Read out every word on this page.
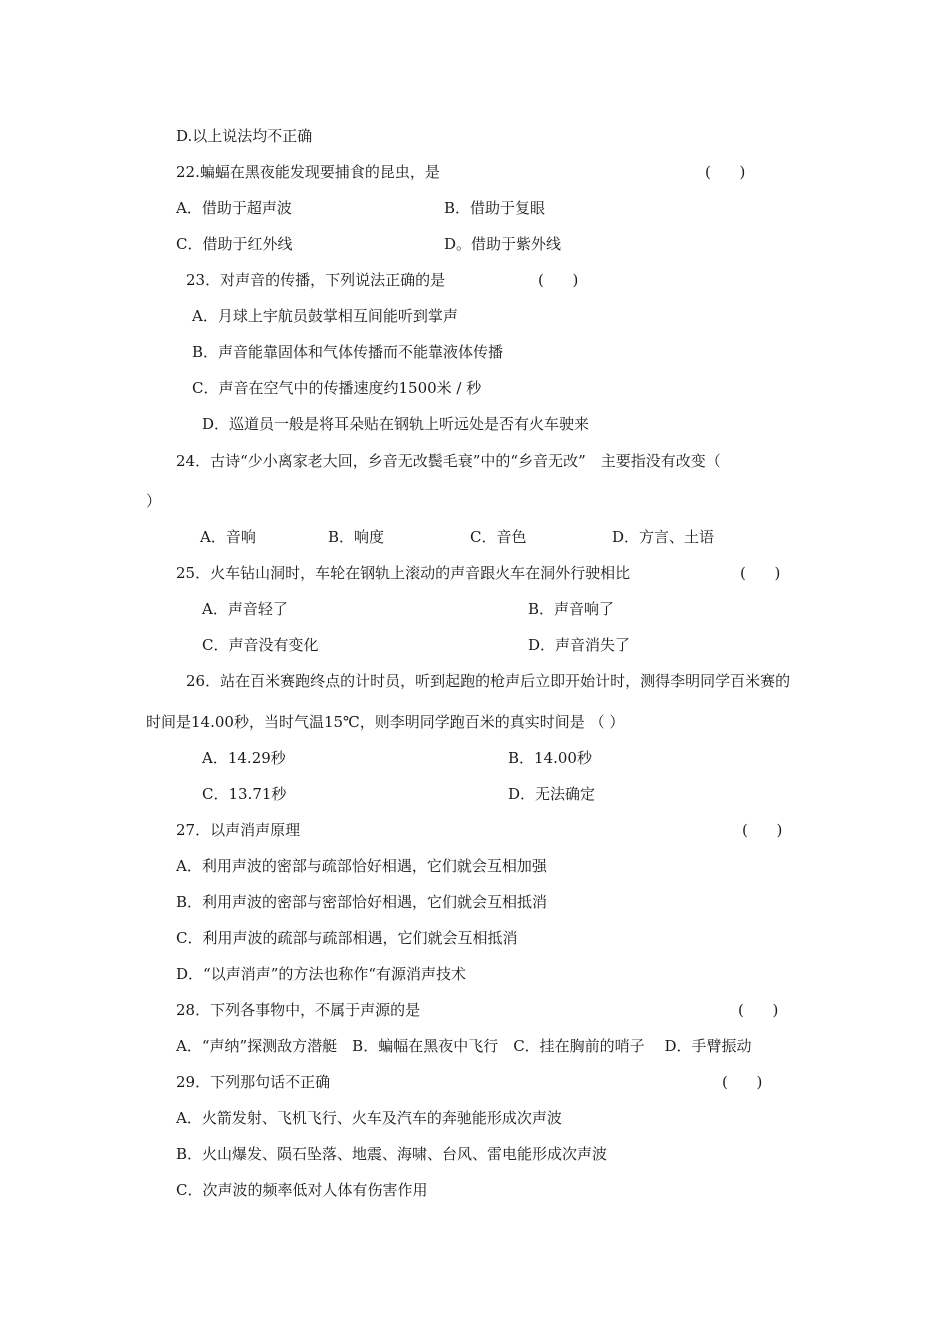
D.以上说法均不正确
22.蝙蝠在黑夜能发现要捕食的昆虫，是	(      )
A．借助于超声波	B．借助于复眼
C．借助于红外线	D。借助于紫外线
23．对声音的传播，下列说法正确的是	(      )
A．月球上宇航员鼓掌相互间能听到掌声
B．声音能靠固体和气体传播而不能靠液体传播
C．声音在空气中的传播速度约1500米 / 秒
D．巡道员一般是将耳朵贴在钢轨上听远处是否有火车驶来
24．古诗“少小离家老大回，乡音无改鬓毛衰”中的“乡音无改”　主要指没有改变（
）
A．音响	B．响度	C．音色	D．方言、土语
25．火车钻山洞时，车轮在钢轨上滚动的声音跟火车在洞外行驶相比	(      )
A．声音轻了	B．声音响了
C．声音没有变化	D．声音消失了
26．站在百米赛跑终点的计时员，听到起跑的枪声后立即开始计时，测得李明同学百米赛的
时间是14.00秒，当时气温15℃，则李明同学跑百米的真实时间是 （ ）
A．14.29秒	B．14.00秒
C．13.71秒	D．无法确定
27．以声消声原理	(      )
A．利用声波的密部与疏部恰好相遇，它们就会互相加强
B．利用声波的密部与密部恰好相遇，它们就会互相抵消
C．利用声波的疏部与疏部相遇，它们就会互相抵消
D．“以声消声”的方法也称作“有源消声技术
28．下列各事物中，不属于声源的是	(      )
A．“声纳”探测敌方潜艇　B．蝙幅在黑夜中飞行　C．挂在胸前的哨子　 D．手臂振动
29．下列那句话不正确	(      )
A．火箭发射、飞机飞行、火车及汽车的奔驰能形成次声波
B．火山爆发、陨石坠落、地震、海啸、台风、雷电能形成次声波
C．次声波的频率低对人体有伤害作用
